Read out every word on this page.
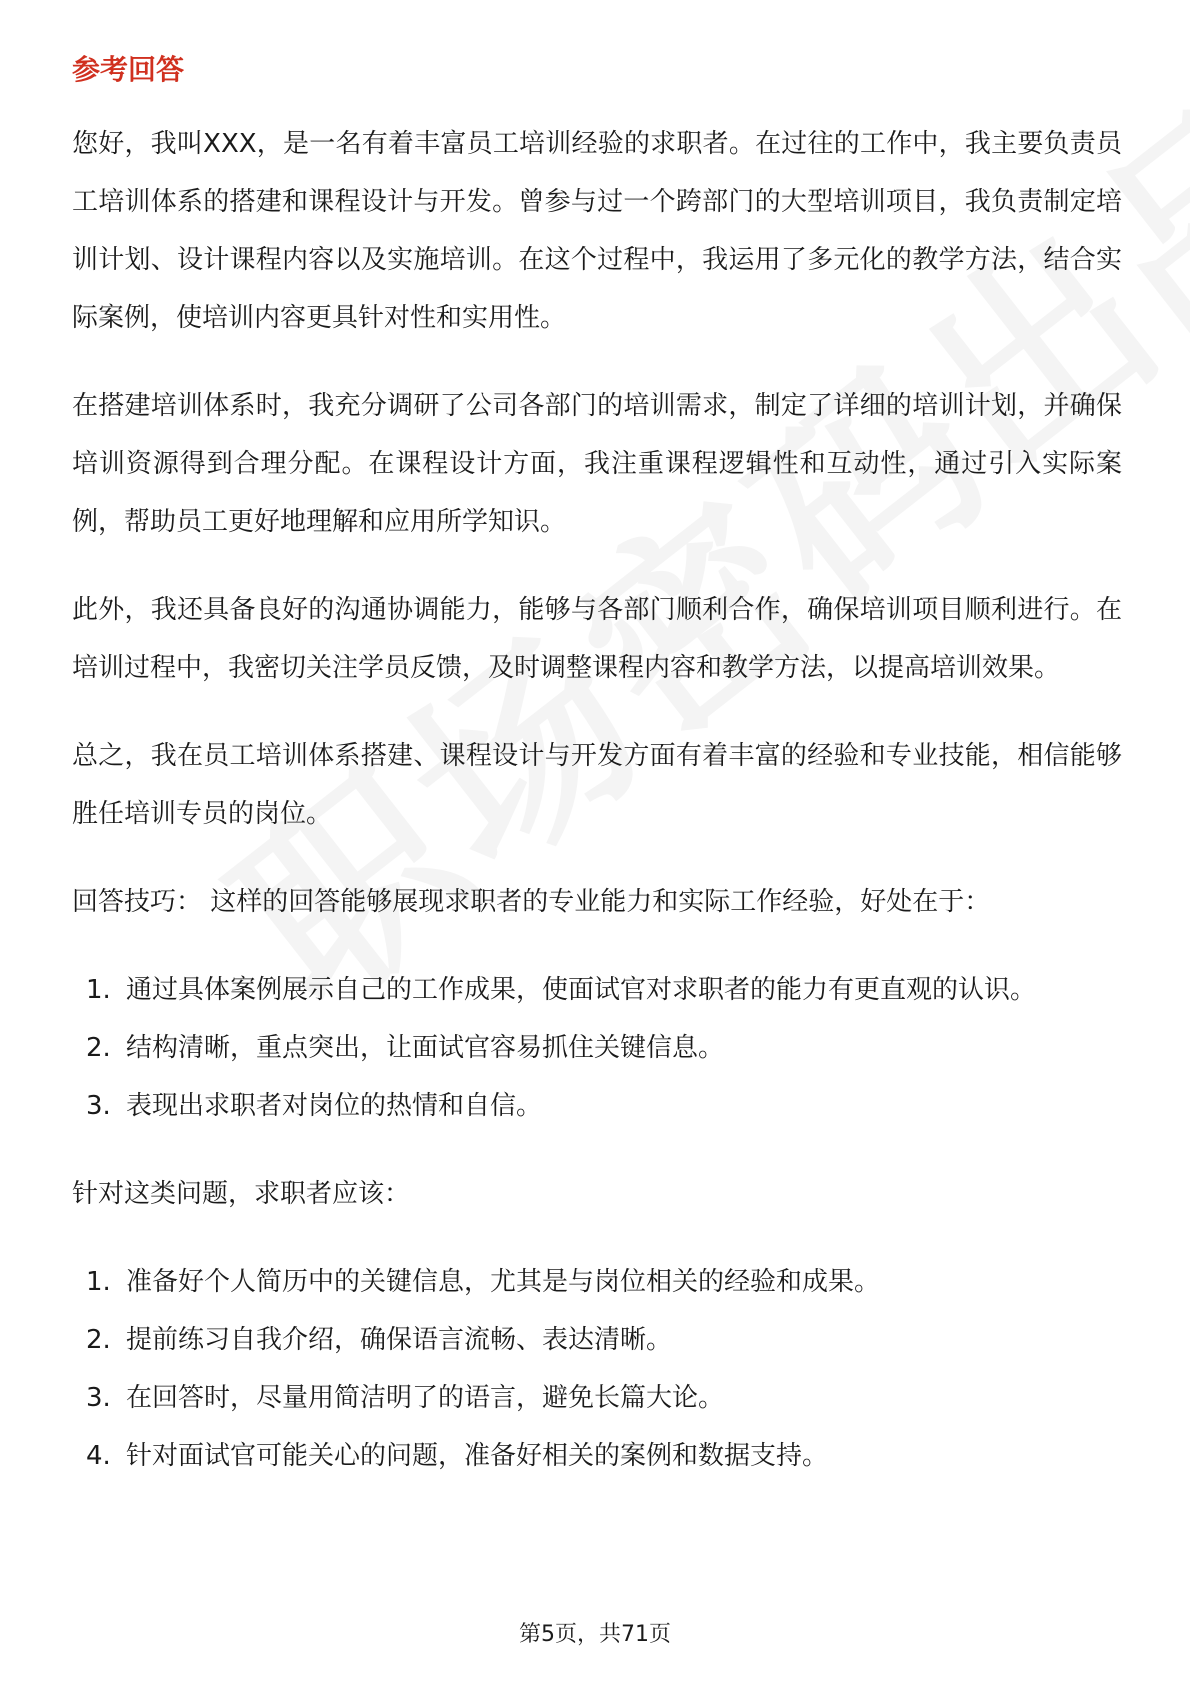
参考回答

您好，我叫XXX，是一名有着丰富员工培训经验的求职者。在过往的工作中，我主要负责员工培训体系的搭建和课程设计与开发。曾参与过一个跨部门的大型培训项目，我负责制定培训计划、设计课程内容以及实施培训。在这个过程中，我运用了多元化的教学方法，结合实际案例，使培训内容更具针对性和实用性。

在搭建培训体系时，我充分调研了公司各部门的培训需求，制定了详细的培训计划，并确保培训资源得到合理分配。在课程设计方面，我注重课程逻辑性和互动性，通过引入实际案例，帮助员工更好地理解和应用所学知识。

此外，我还具备良好的沟通协调能力，能够与各部门顺利合作，确保培训项目顺利进行。在培训过程中，我密切关注学员反馈，及时调整课程内容和教学方法，以提高培训效果。

总之，我在员工培训体系搭建、课程设计与开发方面有着丰富的经验和专业技能，相信能够胜任培训专员的岗位。

回答技巧： 这样的回答能够展现求职者的专业能力和实际工作经验，好处在于：

1. 通过具体案例展示自己的工作成果，使面试官对求职者的能力有更直观的认识。
2. 结构清晰，重点突出，让面试官容易抓住关键信息。
3. 表现出求职者对岗位的热情和自信。

针对这类问题，求职者应该：

1. 准备好个人简历中的关键信息，尤其是与岗位相关的经验和成果。
2. 提前练习自我介绍，确保语言流畅、表达清晰。
3. 在回答时，尽量用简洁明了的语言，避免长篇大论。
4. 针对面试官可能关心的问题，准备好相关的案例和数据支持。
第5页，共71页
